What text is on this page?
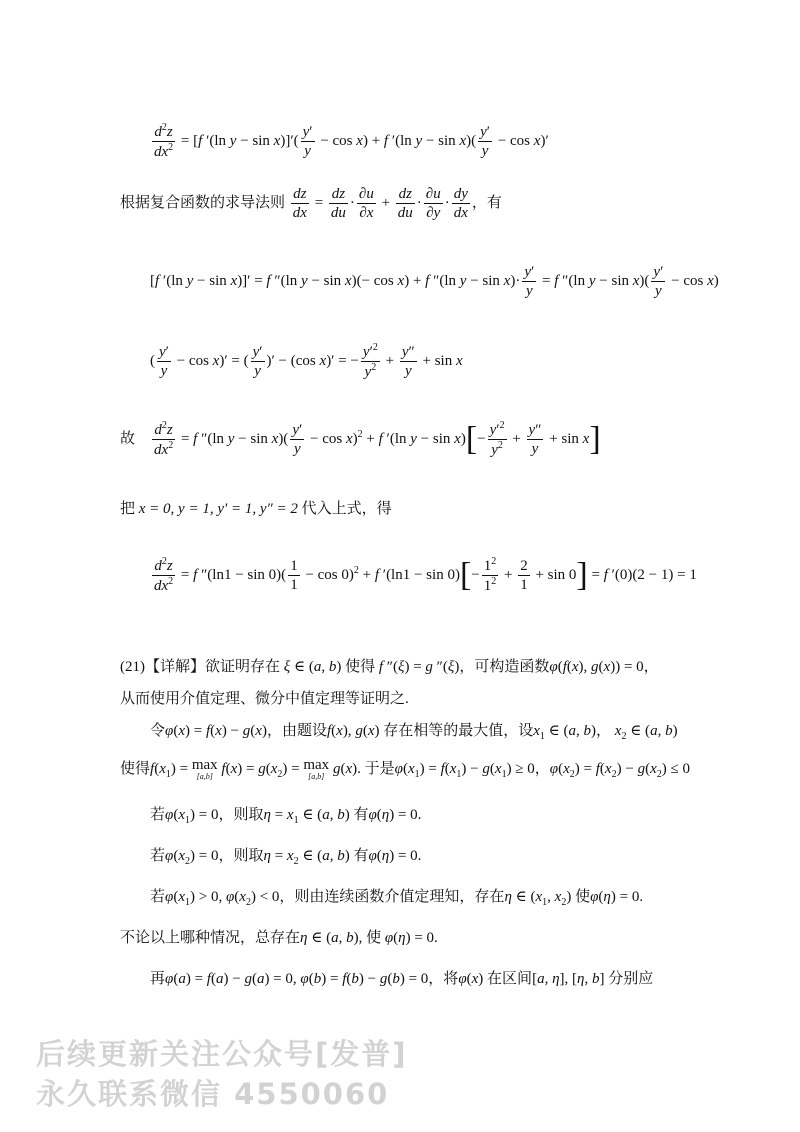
$\frac{d^2z}{dx^2} = [f$ ′(ln $y - \sin x)]'( \frac{y'}{y} - \cos x) + f$ ′(ln $y - \sin x)( \frac{y'}{y} - \cos x)'$
根据复合函数的求导法则 $\frac{dz}{dx} = \frac{dz}{du} \cdot \frac{\partial u}{\partial x} + \frac{dz}{du} \cdot \frac{\partial u}{\partial y} \cdot \frac{dy}{dx}$ ，有
[f ′(ln y − sin x)]′ = f ″(ln y − sin x)(− cos x) + f ″(ln $y - \sin x)\cdot \frac{y'}{y} = f$ ″(ln $y - \sin x)( \frac{y'}{y} - \cos x)$
( $\frac{y'}{y} - \cos x)'$ = ( $\frac{y'}{y}$ )′ − (cos x)′ = − $\frac{y'^2}{y^2} + \frac{y''}{y} + \sin x$
故 $\frac{d^2z}{dx^2} = f$ ″(ln $y - \sin x)( \frac{y'}{y} - \cos x)^2 + f$ ′(ln $y - \sin x)[- \frac{y'^2}{y^2} + \frac{y''}{y} + \sin x]$
把 x = 0, y = 1, y′ = 1, y″ = 2 代入上式，得
$\frac{d^2z}{dx^2} = f$ $''(\ln 1 - \sin 0)( \frac{1}{1} - \cos 0)^2 + f$ $'(\ln 1 - \sin 0)[- \frac{1^2}{1^2} + \frac{2}{1} + \sin 0] = f$ ′(0)(2 − 1) = 1
(21)【详解】欲证明存在 ξ ∈ (a, b) 使得 f ″(ξ) = g ″(ξ)，可构造函数φ(f(x), g(x)) = 0，
从而使用介值定理、微分中值定理等证明之.
令φ(x) = f(x) − g(x)，由题设f(x), g(x) 存在相等的最大值，设$x_1$ ∈ (a, b)， $x_2$ ∈ (a, b)
使得$f(x_1) = \max$
[a,b] $f(x) = g(x_2) = \max$
[a,b] g(x). 于是$\varphi(x_1) = f(x_1) - g(x_1) \ge 0$，$\varphi(x_2) = f(x_2) - g(x_2) \le 0$
若$\varphi(x_1) = 0$，则取$\eta = x_1$ ∈ (a, b) 有φ(η) = 0.
若$\varphi(x_2) = 0$，则取$\eta = x_2$ ∈ (a, b) 有φ(η) = 0.
若$\varphi(x_1) > 0$, $\varphi(x_2) < 0$，则由连续函数介值定理知，存在η ∈ ($x_1$, $x_2$) 使φ(η) = 0.
不论以上哪种情况，总存在η ∈ (a, b), 使 φ(η) = 0.
再φ(a) = f(a) − g(a) = 0, φ(b) = f(b) − g(b) = 0，将φ(x) 在区间[a, η], [η, b] 分别应
后续更新关注公众号[发普]
永久联系微信 4550060
